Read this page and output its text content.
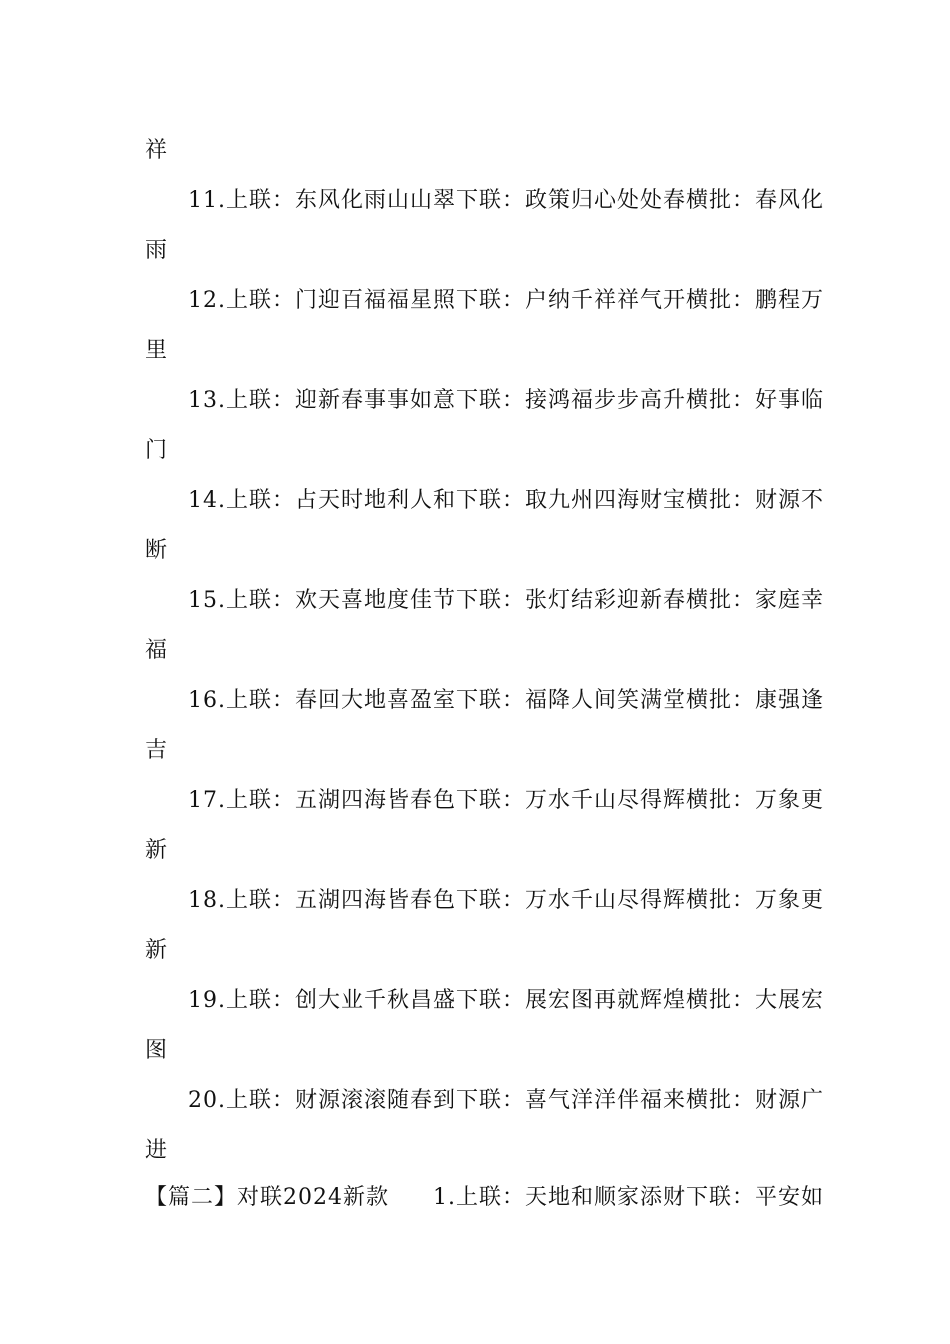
祥
11.上联：东风化雨山山翠下联：政策归心处处春横批：春风化
雨
12.上联：门迎百福福星照下联：户纳千祥祥气开横批：鹏程万
里
13.上联：迎新春事事如意下联：接鸿福步步高升横批：好事临
门
14.上联：占天时地利人和下联：取九州四海财宝横批：财源不
断
15.上联：欢天喜地度佳节下联：张灯结彩迎新春横批：家庭幸
福
16.上联：春回大地喜盈室下联：福降人间笑满堂横批：康强逢
吉
17.上联：五湖四海皆春色下联：万水千山尽得辉横批：万象更
新
18.上联：五湖四海皆春色下联：万水千山尽得辉横批：万象更
新
19.上联：创大业千秋昌盛下联：展宏图再就辉煌横批：大展宏
图
20.上联：财源滚滚随春到下联：喜气洋洋伴福来横批：财源广
进
【篇二】对联2024新款 1.上联：天地和顺家添财下联：平安如
